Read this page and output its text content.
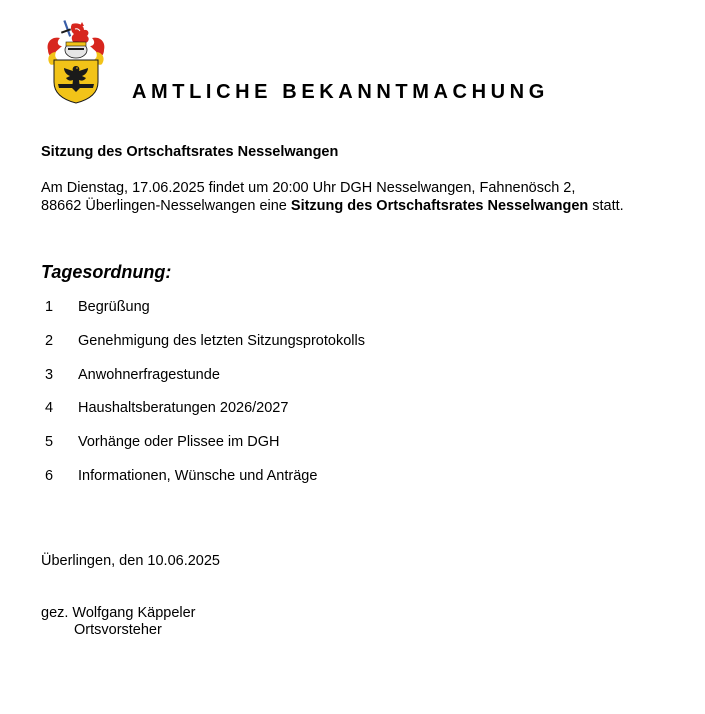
AMTLICHE BEKANNTMACHUNG
Sitzung des Ortschaftsrates Nesselwangen
Am Dienstag, 17.06.2025 findet um 20:00 Uhr DGH Nesselwangen, Fahnenösch 2,
88662 Überlingen-Nesselwangen eine Sitzung des Ortschaftsrates Nesselwangen statt.
Tagesordnung:
1	Begrüßung
2	Genehmigung des letzten Sitzungsprotokolls
3	Anwohnerfragestunde
4	Haushaltsberatungen 2026/2027
5	Vorhänge oder Plissee im DGH
6	Informationen, Wünsche und Anträge
Überlingen, den 10.06.2025
gez. Wolfgang Käppeler
Ortsvorsteher
